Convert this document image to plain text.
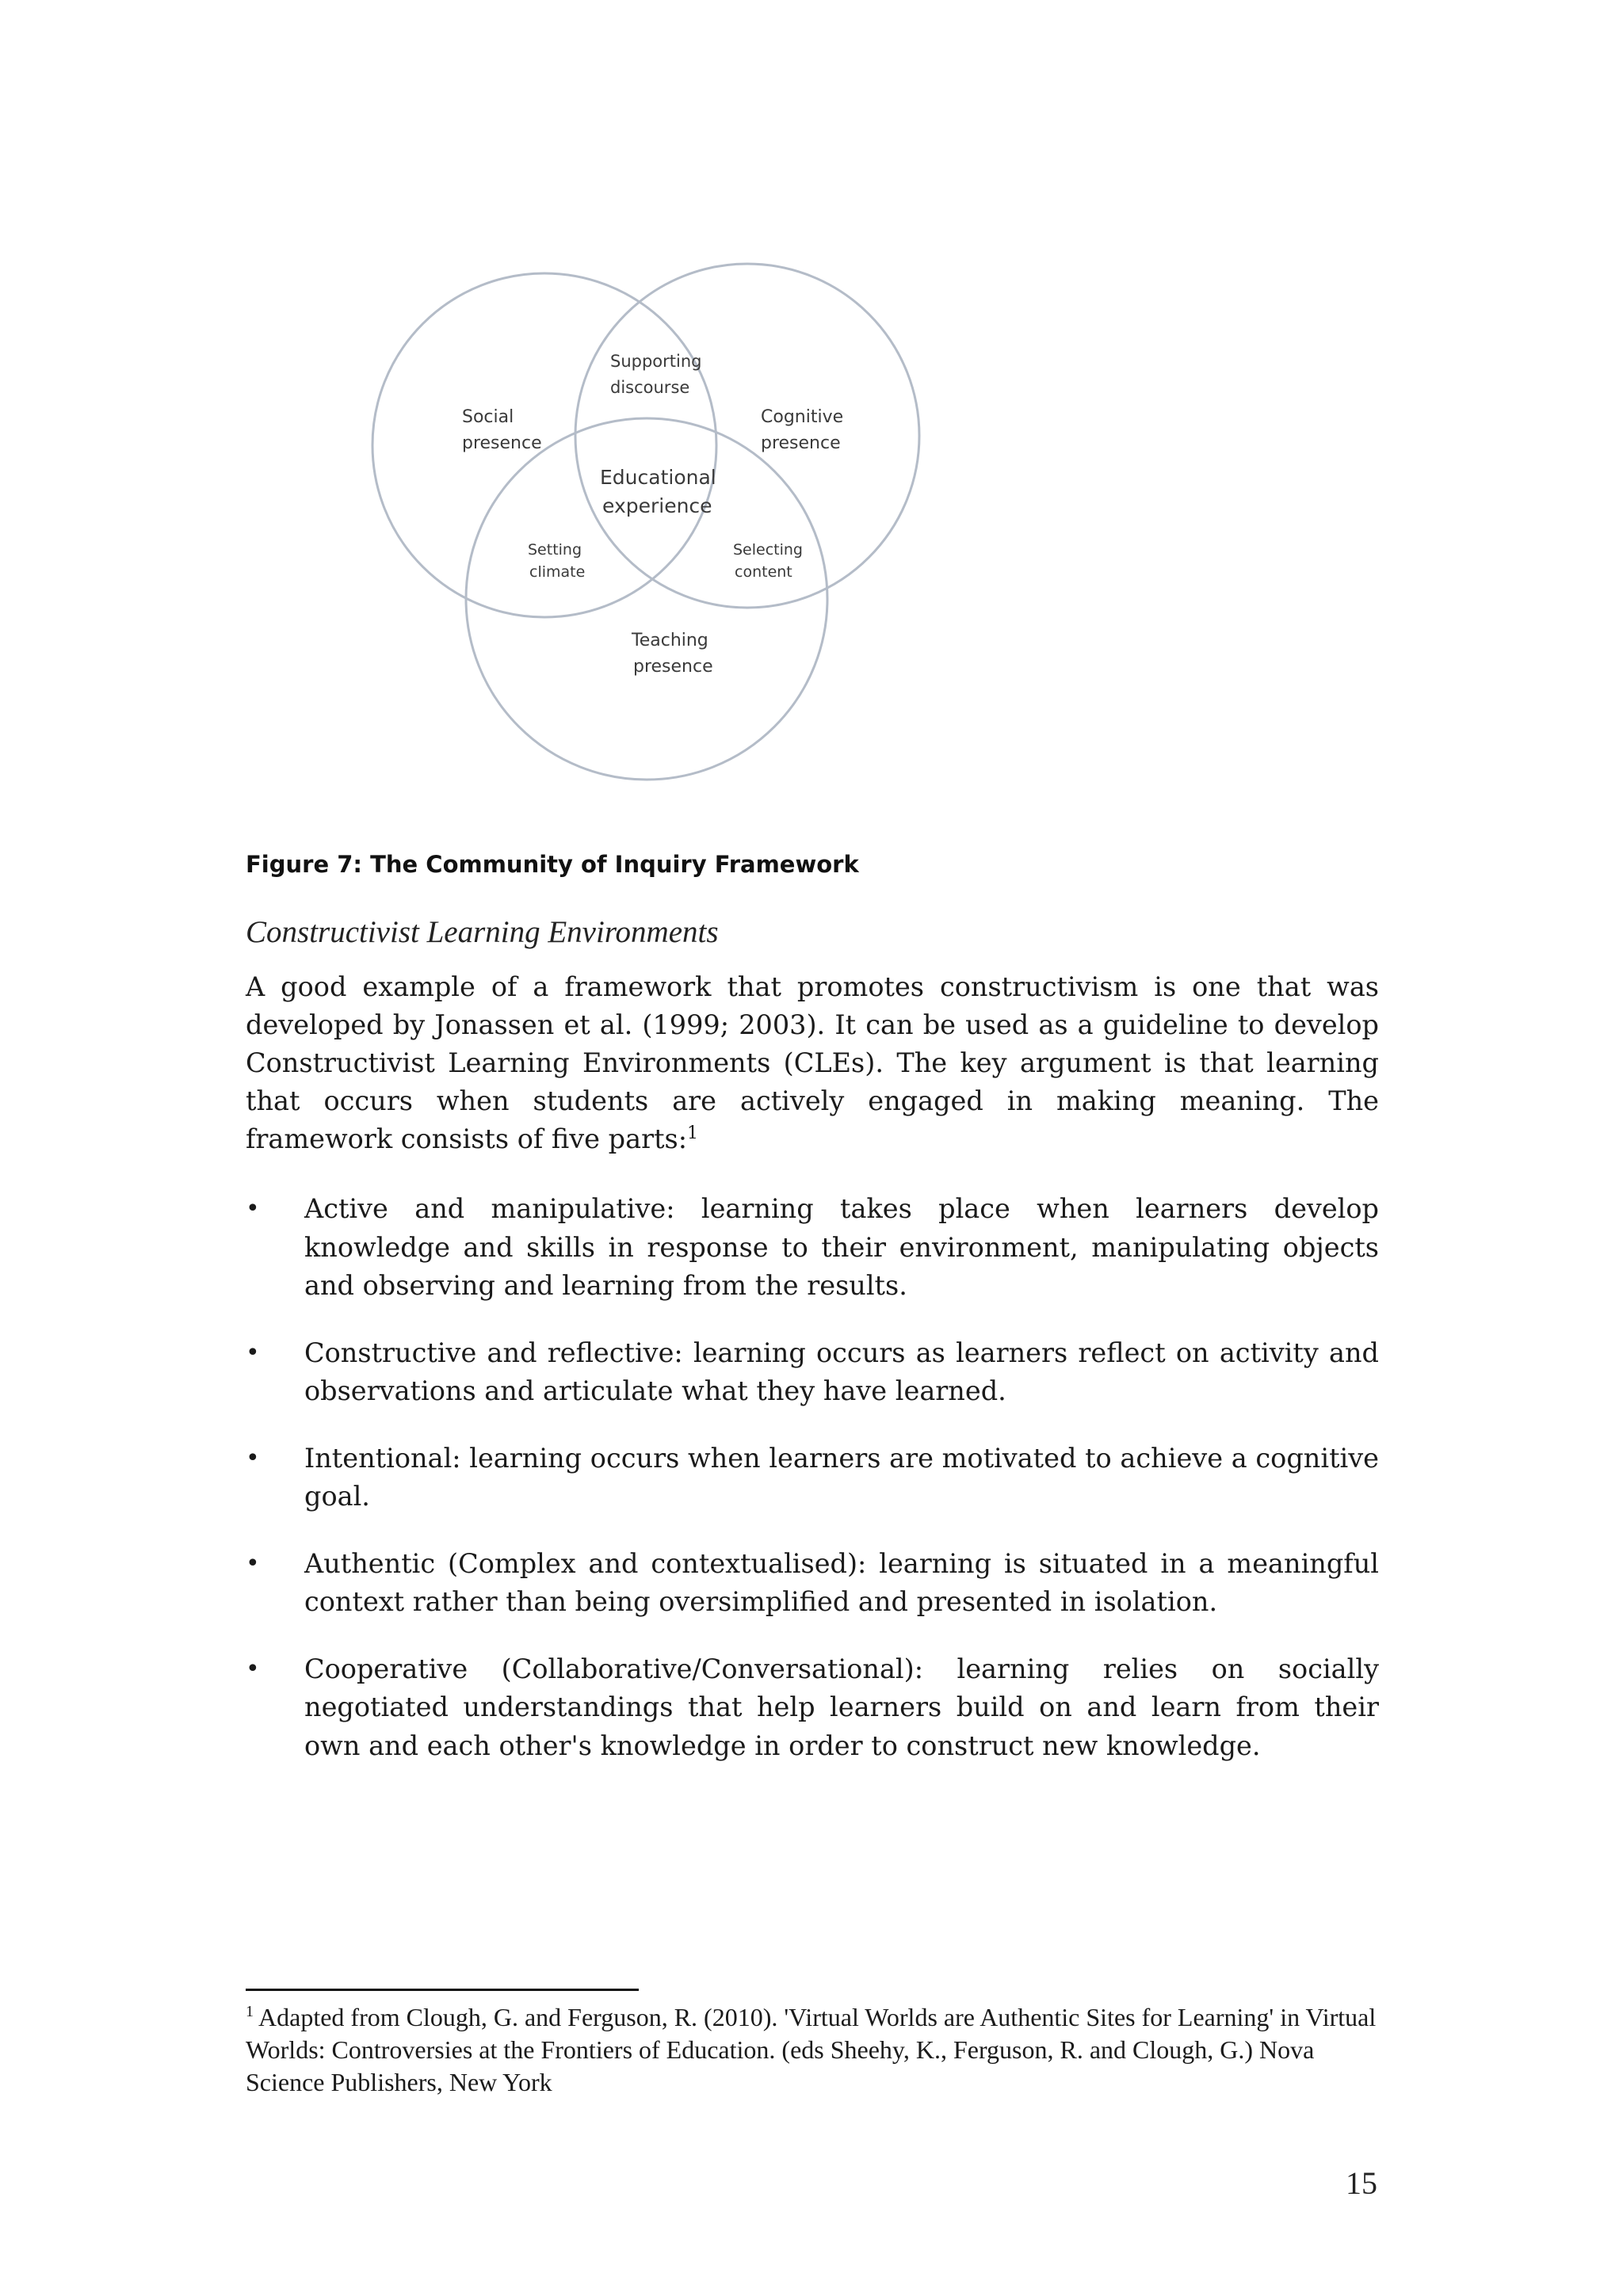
Social presence
Cognitive presence
Supporting discourse
Educational experience
Setting climate
Selecting content
Teaching presence
Figure 7: The Community of Inquiry Framework
Constructivist Learning Environments

A good example of a framework that promotes constructivism is one that was developed by Jonassen et al. (1999; 2003). It can be used as a guideline to develop Constructivist Learning Environments (CLEs). The key argument is that learning that occurs when students are actively engaged in making meaning. The framework consists of five parts:$^1$

• Active and manipulative: learning takes place when learners develop knowledge and skills in response to their environment, manipulating objects and observing and learning from the results.
• Constructive and reflective: learning occurs as learners reflect on activity and observations and articulate what they have learned.
• Intentional: learning occurs when learners are motivated to achieve a cognitive goal.
• Authentic (Complex and contextualised): learning is situated in a meaningful context rather than being oversimplified and presented in isolation.
• Cooperative (Collaborative/Conversational): learning relies on socially negotiated understandings that help learners build on and learn from their own and each other's knowledge in order to construct new knowledge.
$^1$ Adapted from Clough, G. and Ferguson, R. (2010). 'Virtual Worlds are Authentic Sites for Learning' in Virtual Worlds: Controversies at the Frontiers of Education. (eds Sheehy, K., Ferguson, R. and Clough, G.) Nova Science Publishers, New York
15
